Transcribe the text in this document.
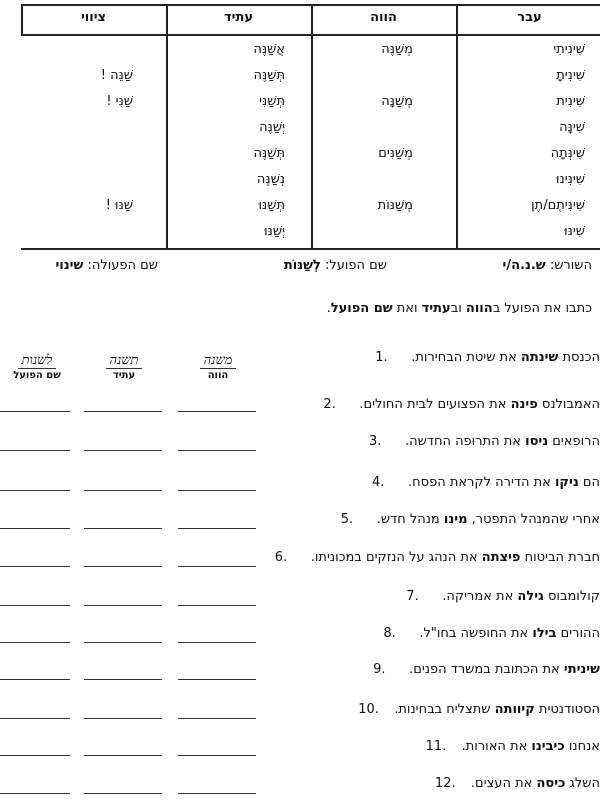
עבר
הווה
עתיד
ציווי
שִׁינִיתִי
מְשַׁנֶּה
אֲשַׁנֶּה
שִׁינִיתָ
תְּשַׁנֶּה
שַׁנֵּה !
שִׁינִית
מְשַׁנָּה
תְּשַׁנִּי
שַׁנִּי !
שִׁינָּה
יְשַׁנֶּה
שִׁינְּתָה
מְשַׁנִּים
תְּשַׁנֶּה
שִׁינִּינוּ
נְשַׁנֶּה
שִׁינִּיתֶם/תֶן
מְשַׁנּוֹת
תְּשַׁנּוּ
שַׁנּוּ !
שִׁינּוּ
יְשַׁנּוּ
השורש: ש.נ.ה/י
שם הפועל: לְשַׁנּוֹת
שם הפעולה: שינוי
כתבו את הפועל בהווה ובעתיד ואת שם הפועל.
משנה
הווה
תשנה
עתיד
לשנות
שם הפועל
הכנסת שינתה את שיטת הבחירות..1
האמבולנס פינה את הפצועים לבית החולים..2
הרופאים ניסו את התרופה החדשה..3
הם ניקו את הדירה לקראת הפסח..4
אחרי שהמנהל התפטר, מינו מנהל חדש..5
חברת הביטוח פיצתה את הנהג על הנזקים במכוניתו..6
קולומבוס גילה את אמריקה..7
ההורים בילו את החופשה בחו"ל..8
שיניתי את הכתובת במשרד הפנים..9
הסטודנטית קיוותה שתצליח בבחינות..10
אנחנו כיבינו את האורות..11
השלג כיסה את העצים..12
